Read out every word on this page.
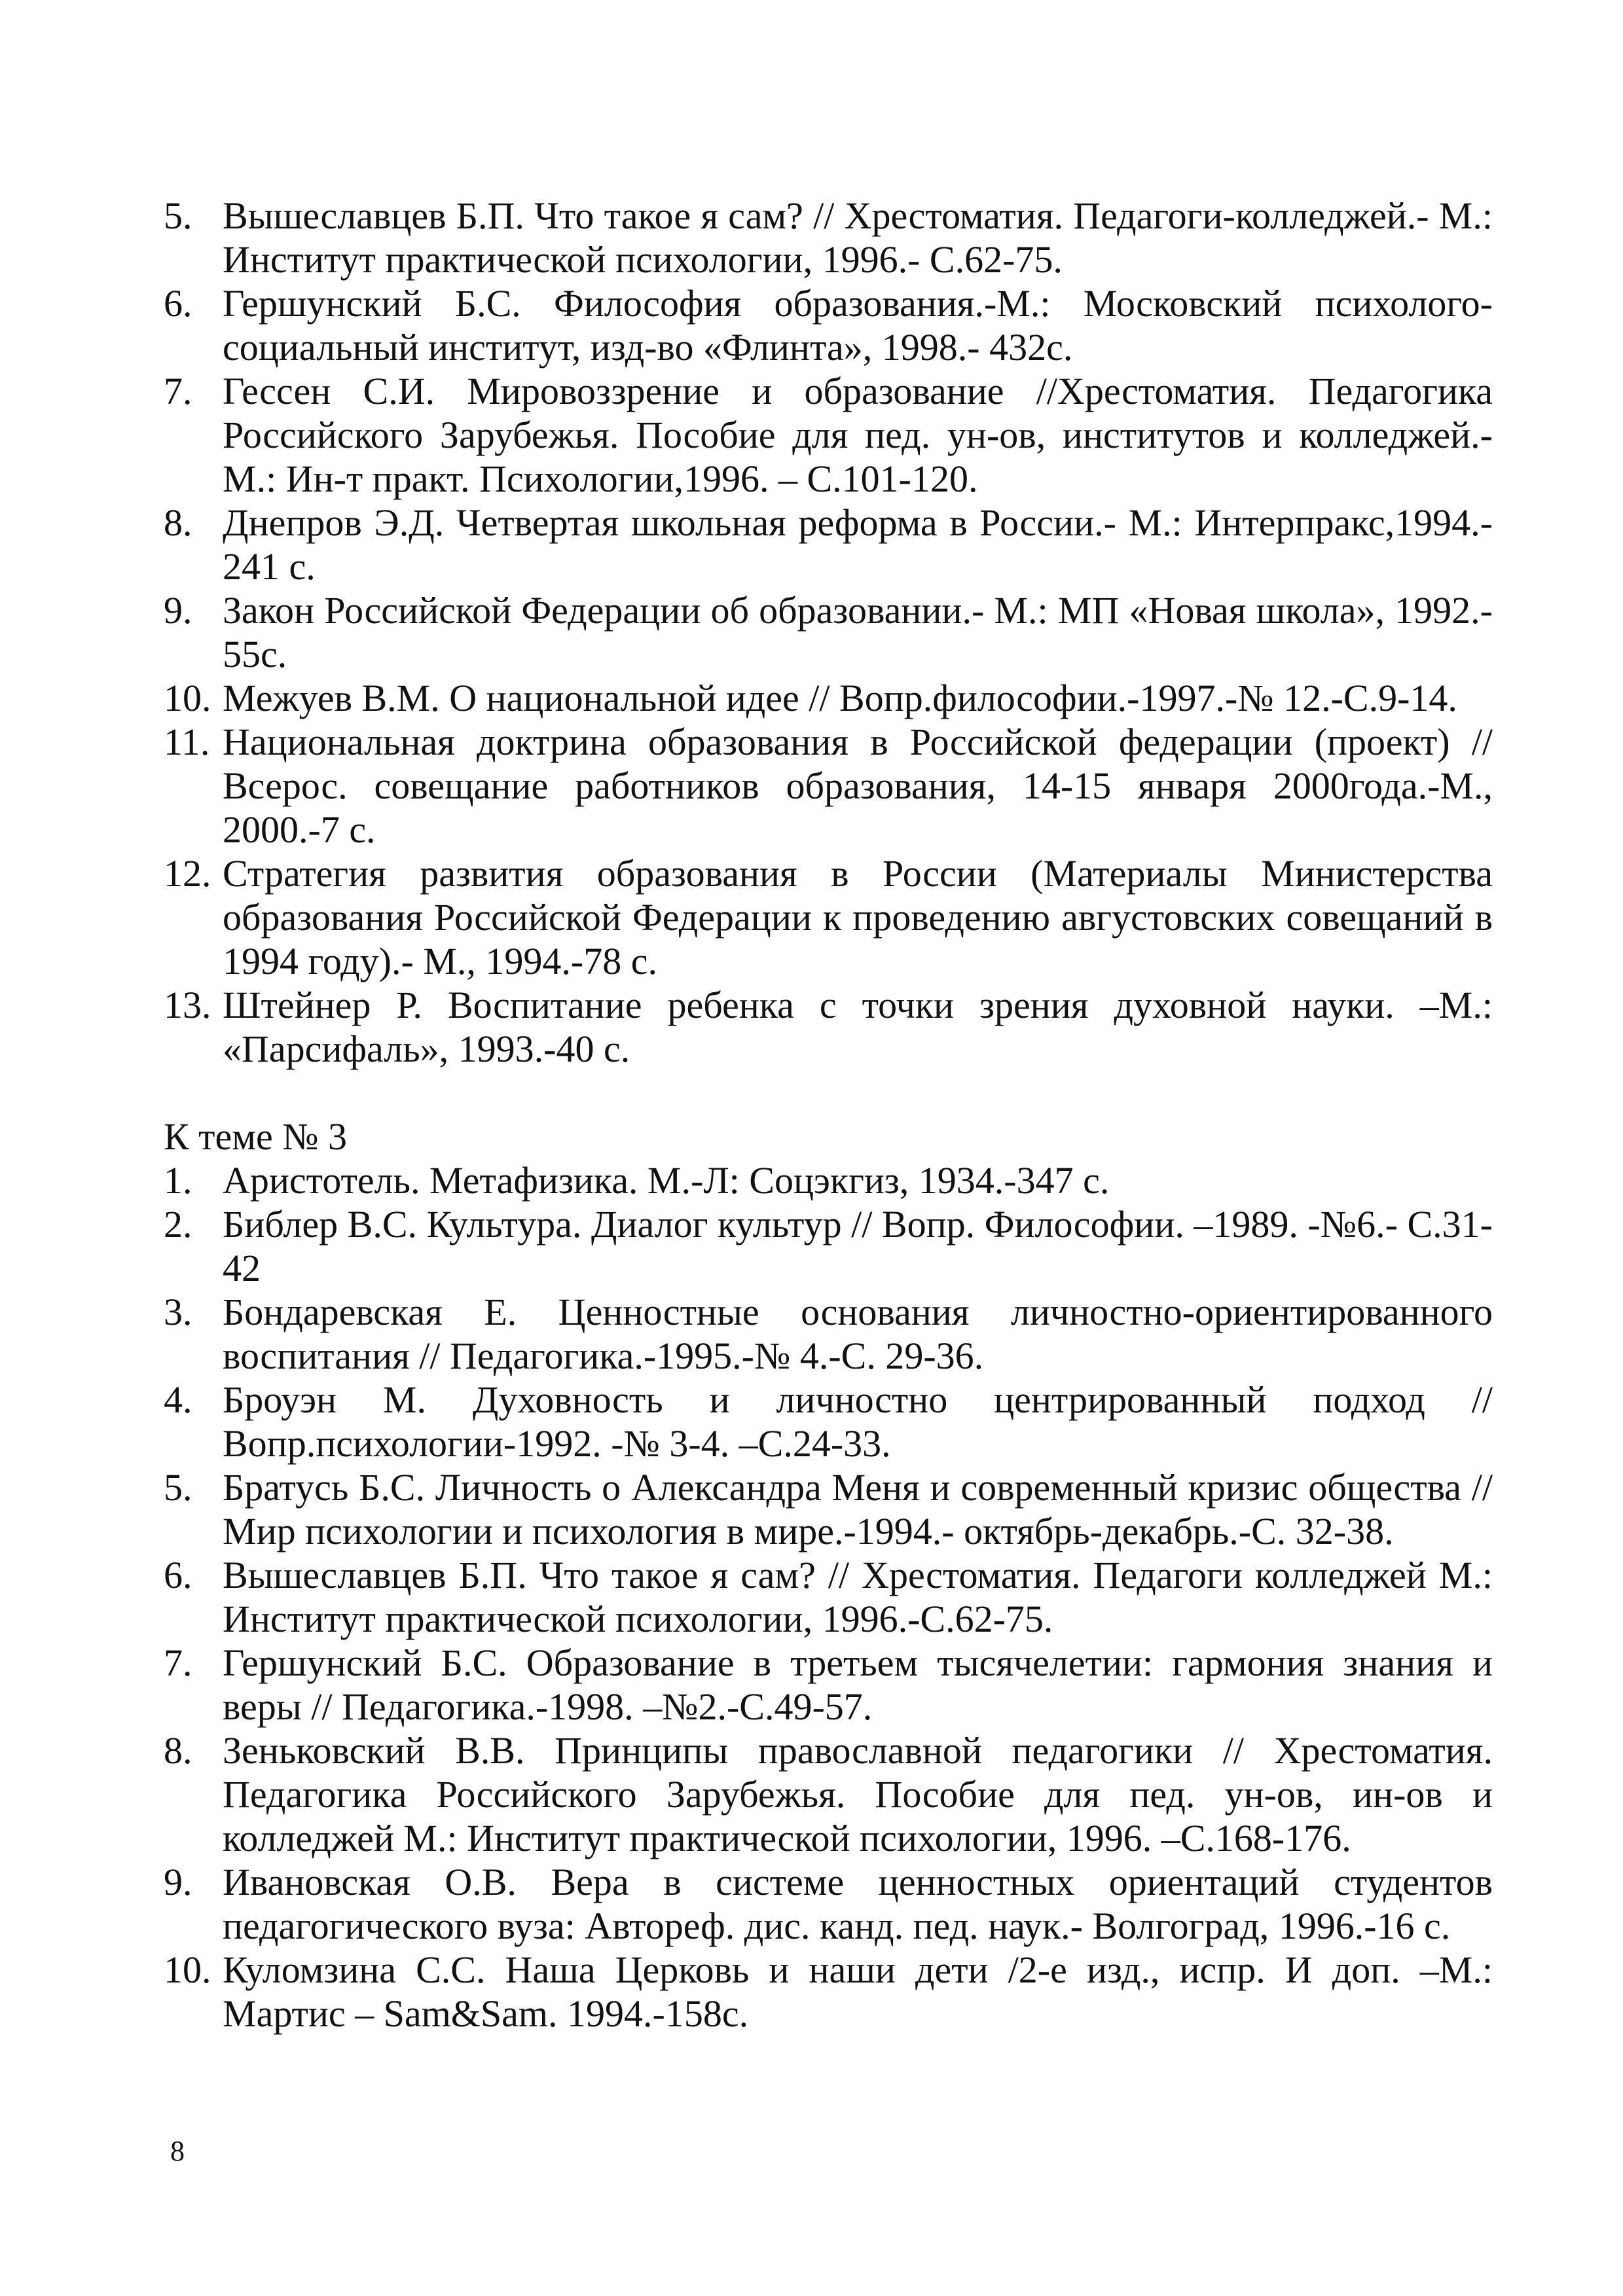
5. Вышеславцев Б.П. Что такое я сам? // Хрестоматия. Педагоги-колледжей.- М.: Институт практической психологии, 1996.- С.62-75.
6. Гершунский Б.С. Философия образования.-М.: Московский психолого-социальный институт, изд-во «Флинта», 1998.- 432с.
7. Гессен С.И. Мировоззрение и образование //Хрестоматия. Педагогика Российского Зарубежья. Пособие для пед. ун-ов, институтов и колледжей.- М.: Ин-т практ. Психологии,1996. – С.101-120.
8. Днепров Э.Д. Четвертая школьная реформа в России.- М.: Интерпракс,1994.- 241 с.
9. Закон Российской Федерации об образовании.- М.: МП «Новая школа», 1992.- 55с.
10. Межуев В.М. О национальной идее // Вопр.философии.-1997.-№ 12.-С.9-14.
11. Национальная доктрина образования в Российской федерации (проект) // Всерос. совещание работников образования, 14-15 января 2000года.-М., 2000.-7 с.
12. Стратегия развития образования в России (Материалы Министерства образования Российской Федерации к проведению августовских совещаний в 1994 году).- М., 1994.-78 с.
13. Штейнер Р. Воспитание ребенка с точки зрения духовной науки. –М.: «Парсифаль», 1993.-40 с.

К теме № 3

1. Аристотель. Метафизика. М.-Л: Соцэкгиз, 1934.-347 с.
2. Библер В.С. Культура. Диалог культур // Вопр. Философии. –1989. -№6.- С.31-42
3. Бондаревская Е. Ценностные основания личностно-ориентированного воспитания // Педагогика.-1995.-№ 4.-С. 29-36.
4. Броуэн М. Духовность и личностно центрированный подход //Вопр.психологии-1992. -№ 3-4. –С.24-33.
5. Братусь Б.С. Личность о Александра Меня и современный кризис общества // Мир психологии и психология в мире.-1994.- октябрь-декабрь.-С. 32-38.
6. Вышеславцев Б.П. Что такое я сам? // Хрестоматия. Педагоги колледжей М.: Институт практической психологии, 1996.-С.62-75.
7. Гершунский Б.С. Образование в третьем тысячелетии: гармония знания и веры // Педагогика.-1998. –№2.-С.49-57.
8. Зеньковский В.В. Принципы православной педагогики // Хрестоматия. Педагогика Российского Зарубежья. Пособие для пед. ун-ов, ин-ов и колледжей М.: Институт практической психологии, 1996. –С.168-176.
9. Ивановская О.В. Вера в системе ценностных ориентаций студентов педагогического вуза: Автореф. дис. канд. пед. наук.- Волгоград, 1996.-16 с.
10. Куломзина С.С. Наша Церковь и наши дети /2-е изд., испр. И доп. –М.: Мартис – Sam&Sam. 1994.-158с.
8
